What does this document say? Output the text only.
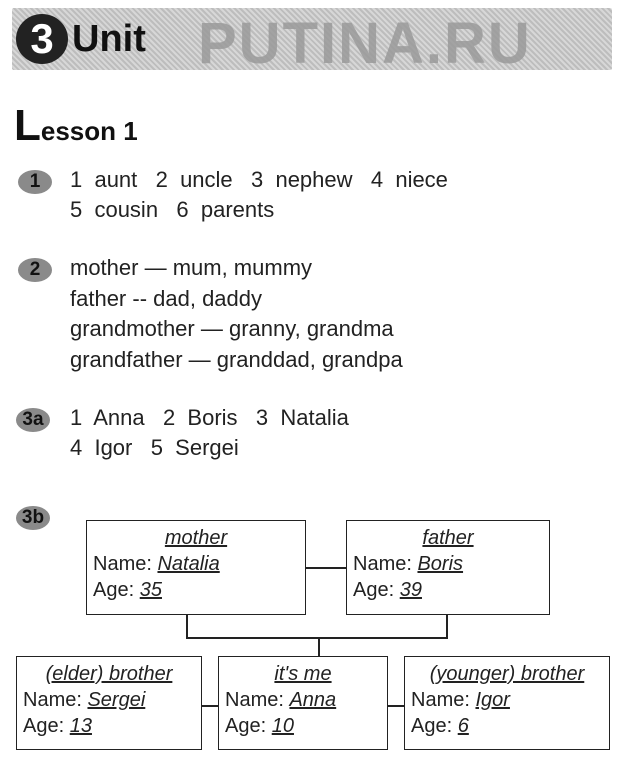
3 Unit PUTINA.RU
Lesson 1
1	1  aunt   2  uncle   3  nephew   4  niece
5  cousin   6  parents
2	mother — mum, mummy
father -- dad, daddy
grandmother — granny, grandma
grandfather — granddad, grandpa
3a 1  Anna   2  Boris   3  Natalia
4  Igor   5  Sergei
3b
mother
Name: Natalia
Age: 35
father
Name: Boris
Age: 39
(elder) brother
Name: Sergei
Age: 13
it's me
Name: Anna
Age: 10
(younger) brother
Name: Igor
Age: 6
